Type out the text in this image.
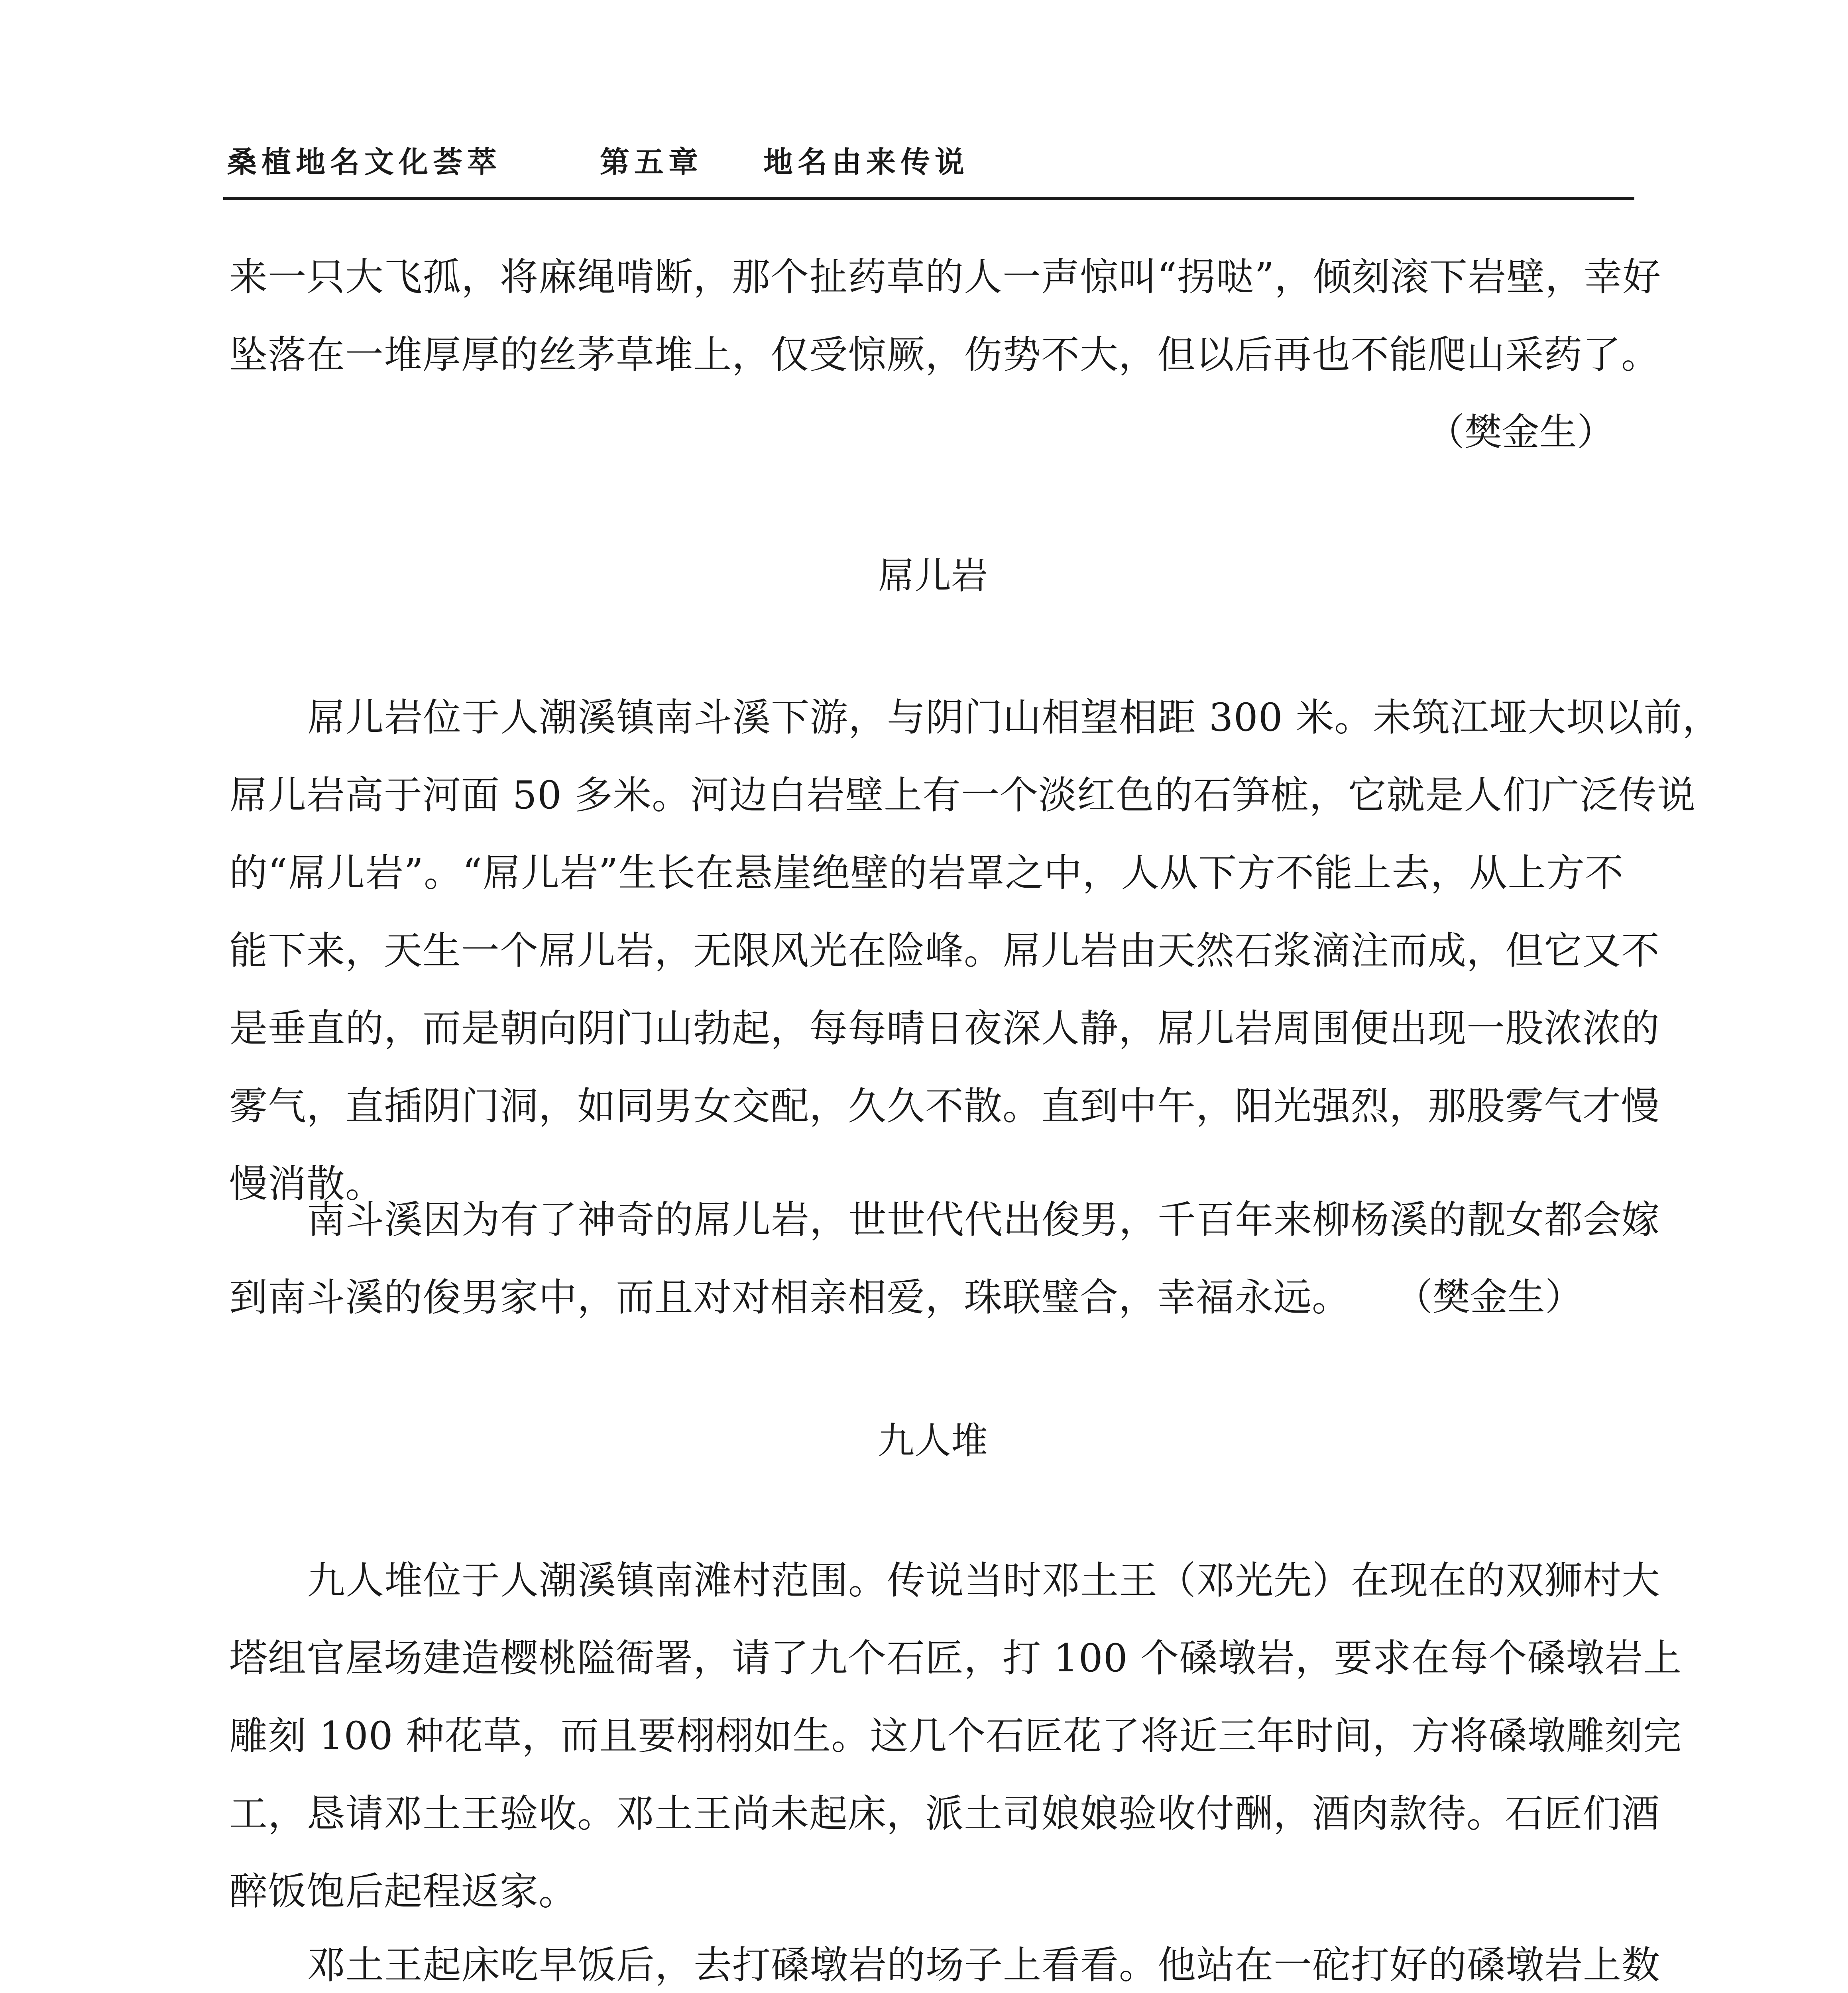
桑植地名文化荟萃	第五章 地名由来传说
来一只大飞孤，将麻绳啃断，那个扯药草的人一声惊叫“拐哒”，倾刻滚下岩壁，幸好
坠落在一堆厚厚的丝茅草堆上，仅受惊厥，伤势不大，但以后再也不能爬山采药了。
（樊金生）
屌儿岩
屌儿岩位于人潮溪镇南斗溪下游，与阴门山相望相距 300 米。未筑江垭大坝以前，
屌儿岩高于河面 50 多米。河边白岩壁上有一个淡红色的石笋桩，它就是人们广泛传说
的“屌儿岩”。“屌儿岩”生长在悬崖绝壁的岩罩之中，人从下方不能上去，从上方不
能下来，天生一个屌儿岩，无限风光在险峰。屌儿岩由天然石浆滴注而成，但它又不
是垂直的，而是朝向阴门山勃起，每每晴日夜深人静，屌儿岩周围便出现一股浓浓的
雾气，直插阴门洞，如同男女交配，久久不散。直到中午，阳光强烈，那股雾气才慢
慢消散。
南斗溪因为有了神奇的屌儿岩，世世代代出俊男，千百年来柳杨溪的靓女都会嫁
到南斗溪的俊男家中，而且对对相亲相爱，珠联璧合，幸福永远。	（樊金生）
九人堆
九人堆位于人潮溪镇南滩村范围。传说当时邓土王（邓光先）在现在的双狮村大
塔组官屋场建造樱桃隘衙署，请了九个石匠，打 100 个磉墩岩，要求在每个磉墩岩上
雕刻 100 种花草，而且要栩栩如生。这几个石匠花了将近三年时间，方将磉墩雕刻完
工，恳请邓土王验收。邓土王尚未起床，派土司娘娘验收付酬，酒肉款待。石匠们酒
醉饭饱后起程返家。
邓土王起床吃早饭后，去打磉墩岩的场子上看看。他站在一砣打好的磉墩岩上数
